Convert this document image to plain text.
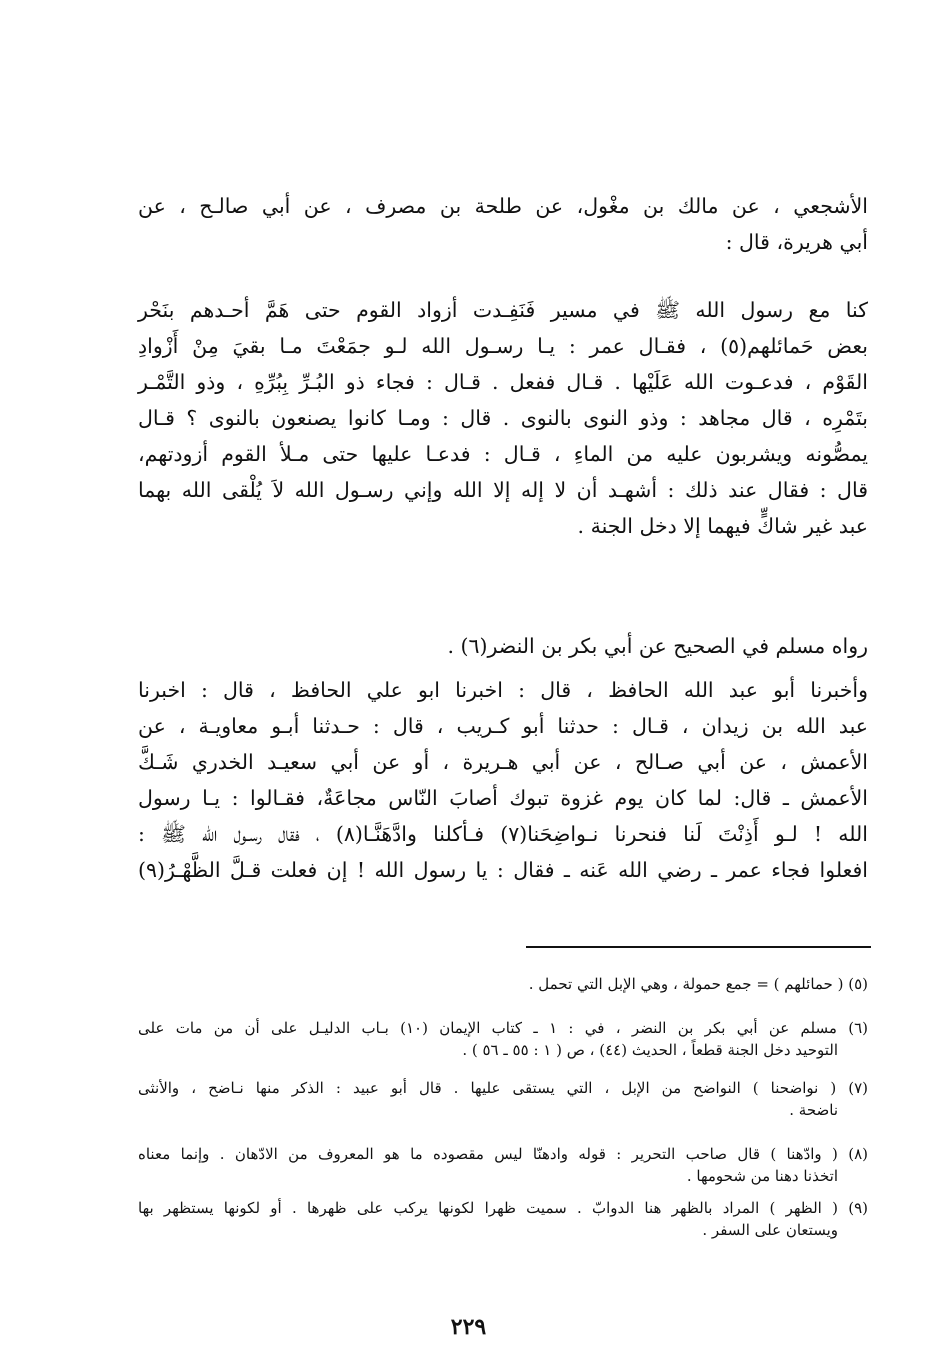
الأشجعي ، عن مالك بن مغْول، عن طلحة بن مصرف ، عن أبي صالـح ، عن
أبي هريرة، قال :
كنا مع رسول الله ﷺ في مسير فَنَفِـدت أزواد القوم حتى هَمَّ أحـدهم بنَحْر
بعض حَمائلهم(٥) ، فقـال عمر : يـا رسـول الله لـو جمَعْتَ مـا بقيَ مِنْ أَزْوادِ
القَوْم ، فدعـوت الله عَلَيْها . قـال ففعل . قـال : فجاء ذو البُـرِّ بِبُرِّهِ ، وذو التَّمْـر
بتَمْرِه ، قال مجاهد : وذو النوى بالنوى . قال : ومـا كانوا يصنعون بالنوى ؟ قـال
يمصُّونه ويشربون عليه من الماءِ ، قـال : فدعـا عليها حتى مـلأ القوم أزودتهم،
قال : فقال عند ذلك : أشهـد أن لا إله إلا الله وإني رسـول الله لاَ يُلْقى الله بهما
عبد غير شاكٍّ فيهما إلا دخل الجنة .
رواه مسلم في الصحيح عن أبي بكر بن النضر(٦) .
وأخبرنا أبو عبد الله الحافظ ، قال : اخبرنا ابو علي الحافظ ، قال : اخبرنا
عبد الله بن زيدان ، قـال : حدثنا أبو كـريب ، قال : حـدثنا أبـو معاويـة ، عن
الأعمش ، عن أبي صـالح ، عن أبي هـريرة ، أو عن أبي سعيـد الخدري شَـكَّ
الأعمش ـ قال: لما كان يوم غزوة تبوك أصابَ النّاس مجاعَةٌ، فقـالوا : يـا رسول
الله ! لـو أَذِنْتَ لَنا فنحرنا نـواضِحَنا(٧) فـأكلنا وادَّهَنَّـا(٨) ، فقال رسـول الله ﷺ :
افعلوا فجاء عمر ـ رضي الله عَنه ـ فقال : يا رسول الله ! إن فعلت قـلَّ الظَّهْـرُ(٩)
(٥) ( حمائلهم ) = جمع حمولة ، وهي الإبل التي تحمل .
(٦) مسلم عن أبي بكر بن النضر ، في : ١ ـ كتاب الإيمان (١٠) بـاب الدليـل على أن من مات على
التوحيد دخل الجنة قطعاً ، الحديث (٤٤) ، ص ( ١ : ٥٥ ـ ٥٦ ) .
(٧) ( نواضحنا ) النواضح من الإبل ، التي يستقى عليها . قال أبو عبيد : الذكر منها نـاضح ، والأنثى
ناضحة .
(٨) ( وادّهنا ) قال صاحب التحرير : قوله وادهنّا ليس مقصوده ما هو المعروف من الادّهان . وإنما معناه
اتخذنا دهنا من شحومها .
(٩) ( الظهر ) المراد بالظهر هنا الدوابّ . سميت ظهرا لكونها يركب على ظهرها . أو لكونها يستظهر بها
ويستعان على السفر .
٢٢٩
